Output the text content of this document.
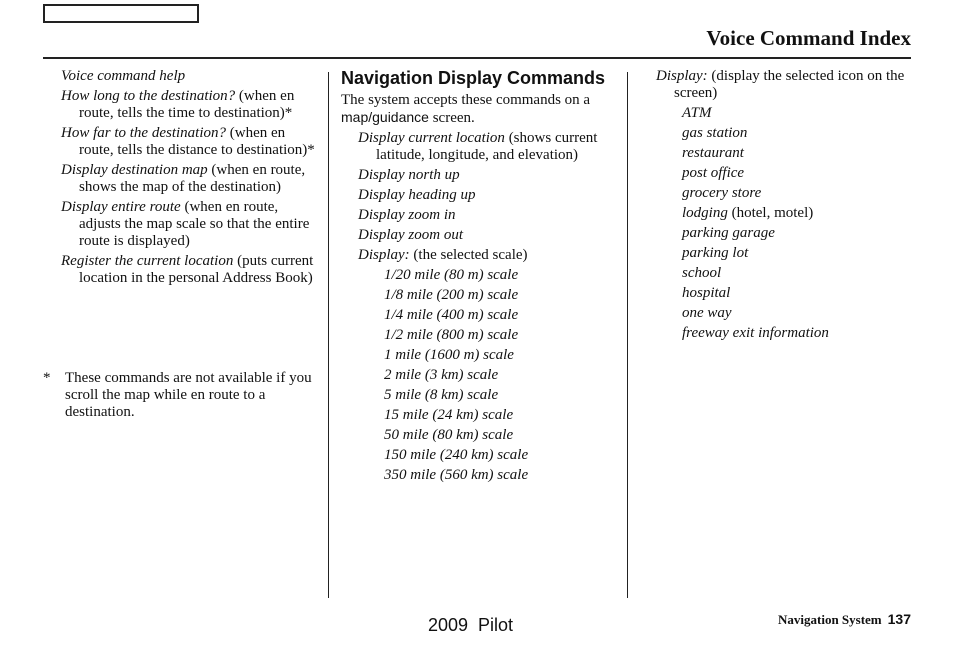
Voice Command Index
Voice command help
How long to the destination? (when en route, tells the time to destination)*
How far to the destination? (when en route, tells the distance to destination)*
Display destination map (when en route, shows the map of the destination)
Display entire route (when en route, adjusts the map scale so that the entire route is displayed)
Register the current location (puts current location in the personal Address Book)
* These commands are not available if you scroll the map while en route to a destination.
Navigation Display Commands
The system accepts these commands on a map/guidance screen.
Display current location (shows current latitude, longitude, and elevation)
Display north up
Display heading up
Display zoom in
Display zoom out
Display: (the selected scale)
1/20 mile (80 m) scale
1/8 mile (200 m) scale
1/4 mile (400 m) scale
1/2 mile (800 m) scale
1 mile (1600 m) scale
2 mile (3 km) scale
5 mile (8 km) scale
15 mile (24 km) scale
50 mile (80 km) scale
150 mile (240 km) scale
350 mile (560 km) scale
Display: (display the selected icon on the screen)
ATM
gas station
restaurant
post office
grocery store
lodging (hotel, motel)
parking garage
parking lot
school
hospital
one way
freeway exit information
2009  Pilot	Navigation System 137
